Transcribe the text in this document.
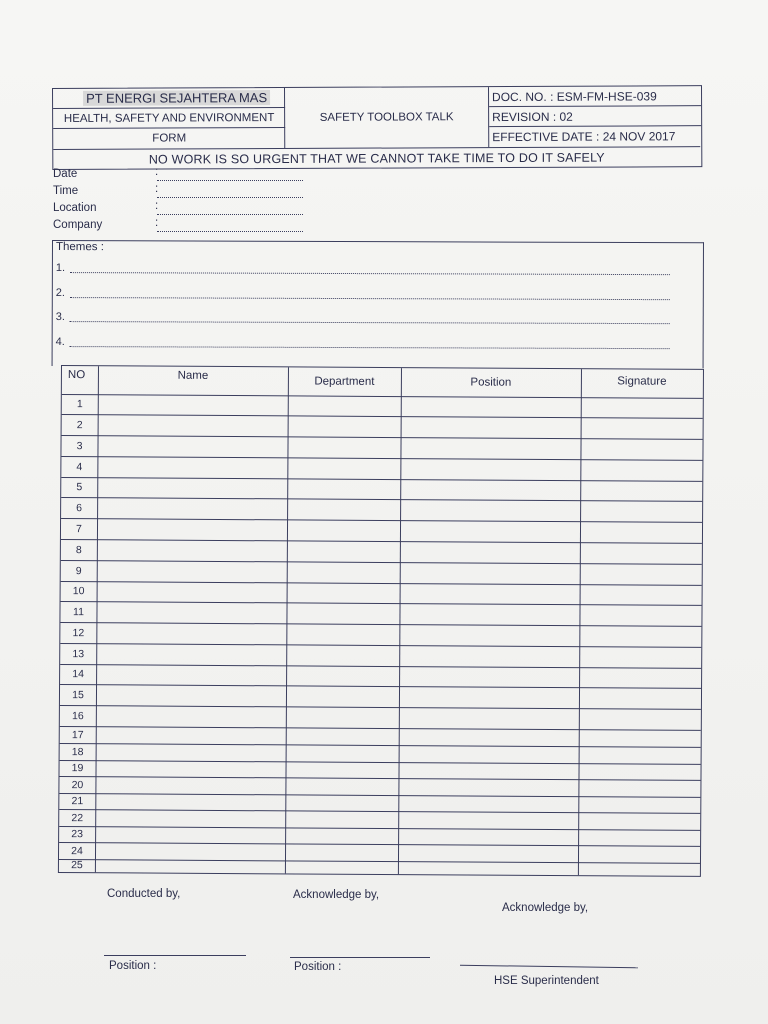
PT ENERGI SEJAHTERA MAS
HEALTH, SAFETY AND ENVIRONMENT
FORM
SAFETY TOOLBOX TALK
DOC. NO. : ESM-FM-HSE-039
REVISION : 02
EFFECTIVE DATE : 24 NOV 2017
NO WORK IS SO URGENT THAT WE CANNOT TAKE TIME TO DO IT SAFELY
Date	:
Time	:
Location	:
Company	:
Themes :
1.
2.
3.
4.
NO	Name	Department	Position	Signature
1
2
3
4
5
6
7
8
9
10
11
12
13
14
15
16
17
18
19
20
21
22
23
24
25
Conducted by,	Acknowledge by,
Acknowledge by,
Position :	Position :
HSE Superintendent
